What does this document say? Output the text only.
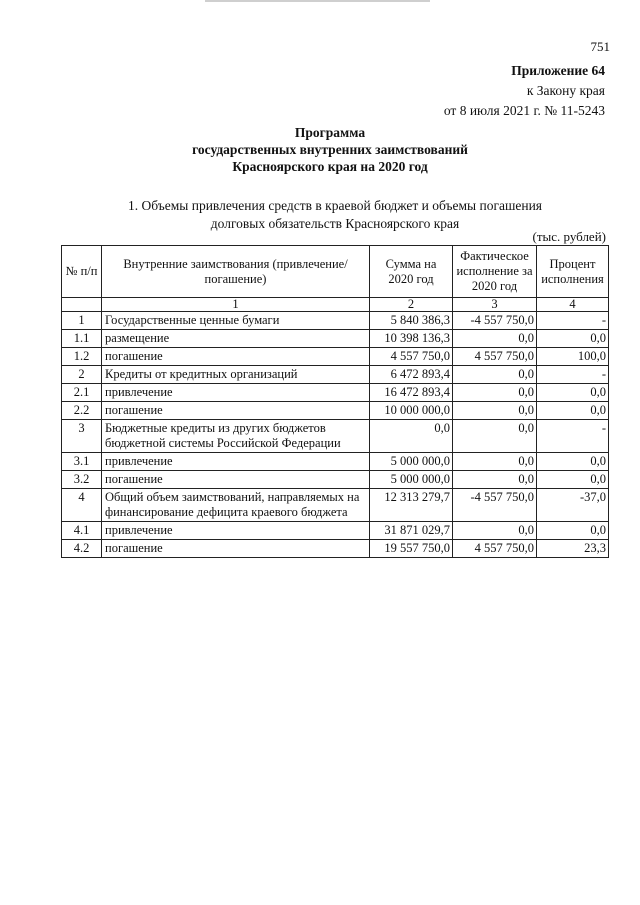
751
Приложение 64
к Закону края
от 8 июля 2021 г. № 11-5243
Программа
государственных внутренних заимствований
Красноярского края на 2020 год
1. Объемы привлечения средств в краевой бюджет и объемы погашения
долговых обязательств Красноярского края
(тыс. рублей)
№ п/п	Внутренние заимствования (привлечение/ погашение)	Сумма на 2020 год	Фактическое исполнение за 2020 год	Процент исполнения
	1	2	3	4
1	Государственные ценные бумаги	5 840 386,3	-4 557 750,0	-
1.1	размещение	10 398 136,3	0,0	0,0
1.2	погашение	4 557 750,0	4 557 750,0	100,0
2	Кредиты от кредитных организаций	6 472 893,4	0,0	-
2.1	привлечение	16 472 893,4	0,0	0,0
2.2	погашение	10 000 000,0	0,0	0,0
3	Бюджетные кредиты из других бюджетов бюджетной системы Российской Федерации	0,0	0,0	-
3.1	привлечение	5 000 000,0	0,0	0,0
3.2	погашение	5 000 000,0	0,0	0,0
4	Общий объем заимствований, направляемых на финансирование дефицита краевого бюджета	12 313 279,7	-4 557 750,0	-37,0
4.1	привлечение	31 871 029,7	0,0	0,0
4.2	погашение	19 557 750,0	4 557 750,0	23,3
